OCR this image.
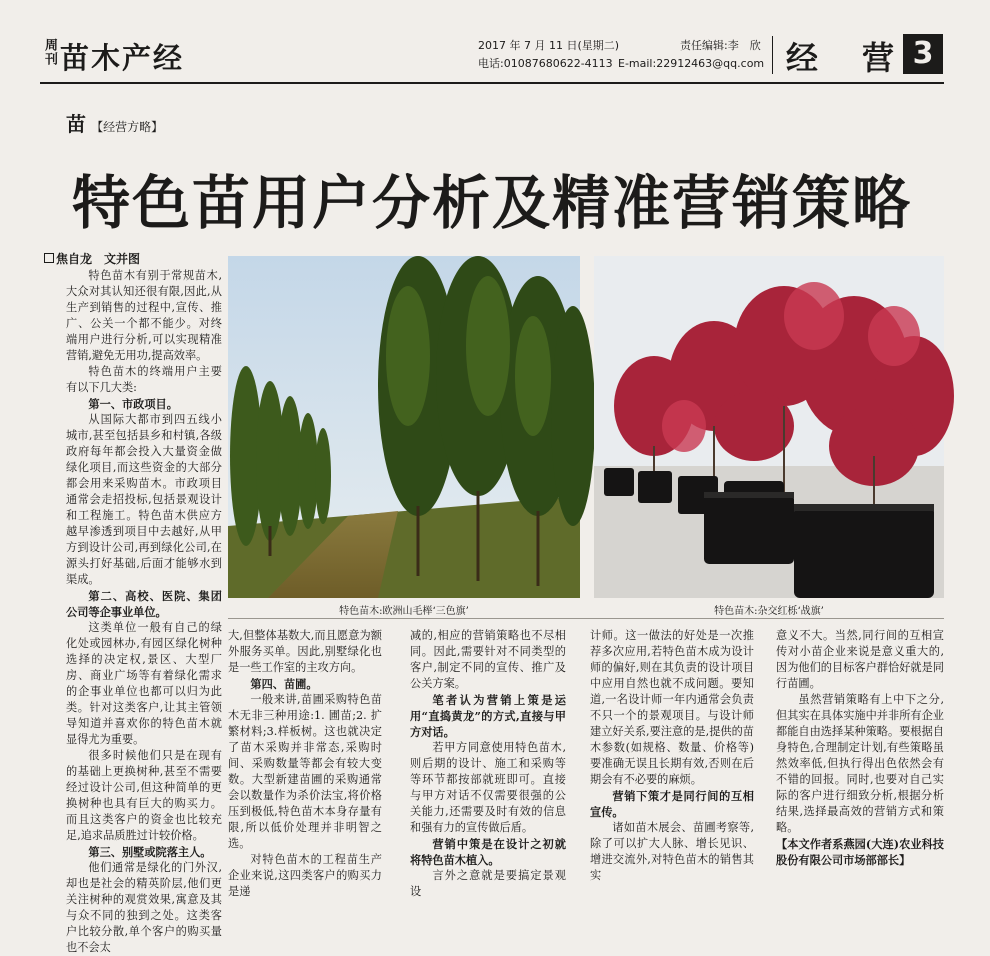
周刊 苗木产经	2017 年 7 月 11 日(星期二)	责任编辑:李　欣
电话:01087680622-4113 E-mail:22912463@qq.com 经　营 3
苗 【经营方略】
特色苗用户分析及精准营销策略
焦自龙　文并图

特色苗木有别于常规苗木,大众对其认知还很有限,因此,从生产到销售的过程中,宣传、推广、公关一个都不能少。对终端用户进行分析,可以实现精准营销,避免无用功,提高效率。

特色苗木的终端用户主要有以下几大类:

第一、市政项目。

从国际大都市到四五线小城市,甚至包括县乡和村镇,各级政府每年都会投入大量资金做绿化项目,而这些资金的大部分都会用来采购苗木。市政项目通常会走招投标,包括景观设计和工程施工。特色苗木供应方越早渗透到项目中去越好,从甲方到设计公司,再到绿化公司,在源头打好基础,后面才能够水到渠成。

第二、高校、医院、集团公司等企事业单位。

这类单位一般有自己的绿化处或园林办,有园区绿化树种选择的决定权,景区、大型厂房、商业广场等有着绿化需求的企事业单位也都可以归为此类。针对这类客户,让其主管领导知道并喜欢你的特色苗木就显得尤为重要。

很多时候他们只是在现有的基础上更换树种,甚至不需要经过设计公司,但这种简单的更换树种也具有巨大的购买力。而且这类客户的资金也比较充足,追求品质胜过计较价格。

第三、别墅或院落主人。

他们通常是绿化的门外汉,却也是社会的精英阶层,他们更关注树种的观赏效果,寓意及其与众不同的独到之处。这类客户比较分散,单个客户的购买量也不会太

大,但整体基数大,而且愿意为额外服务买单。因此,别墅绿化也是一些工作室的主攻方向。

第四、苗圃。

一般来讲,苗圃采购特色苗木无非三种用途:1. 圃苗;2. 扩繁材料;3.样板树。这也就决定了苗木采购并非常态,采购时间、采购数量等都会有较大变数。大型新建苗圃的采购通常会以数量作为杀价法宝,将价格压到极低,特色苗木本身存量有限,所以低价处理并非明智之选。

对特色苗木的工程苗生产企业来说,这四类客户的购买力是递

减的,相应的营销策略也不尽相同。因此,需要针对不同类型的客户,制定不同的宣传、推广及公关方案。

笔者认为营销上策是运用“直捣黄龙”的方式,直接与甲方对话。

若甲方同意使用特色苗木,则后期的设计、施工和采购等等环节都按部就班即可。直接与甲方对话不仅需要很强的公关能力,还需要及时有效的信息和强有力的宣传做后盾。

营销中策是在设计之初就将特色苗木植入。

言外之意就是要搞定景观设

计师。这一做法的好处是一次推荐多次应用,若特色苗木成为设计师的偏好,则在其负责的设计项目中应用自然也就不成问题。要知道,一名设计师一年内通常会负责不只一个的景观项目。与设计师建立好关系,要注意的是,提供的苗木参数(如规格、数量、价格等)要准确无误且长期有效,否则在后期会有不必要的麻烦。

营销下策才是同行间的互相宣传。

诸如苗木展会、苗圃考察等,除了可以扩大人脉、增长见识、增进交流外,对特色苗木的销售其实

意义不大。当然,同行间的互相宣传对小苗企业来说是意义重大的,因为他们的目标客户群恰好就是同行苗圃。

虽然营销策略有上中下之分,但其实在具体实施中并非所有企业都能自由选择某种策略。要根据自身特色,合理制定计划,有些策略虽然效率低,但执行得出色依然会有不错的回报。同时,也要对自己实际的客户进行细致分析,根据分析结果,选择最高效的营销方式和策略。

【本文作者系燕园(大连)农业科技股份有限公司市场部部长】

特色苗木:欧洲山毛榉‘三色旗’	特色苗木:杂交红栎‘战旗’
